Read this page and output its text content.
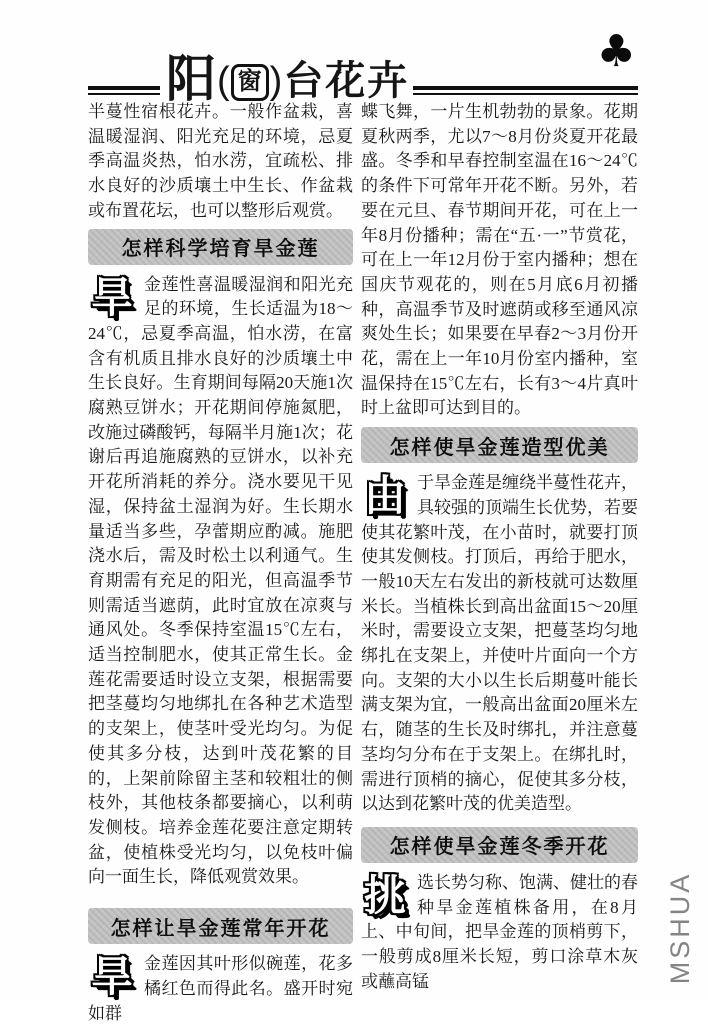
阳 ( 窗 ) 台花卉
♣

半蔓性宿根花卉。一般作盆栽，喜温暖湿润、阳光充足的环境，忌夏季高温炎热，怕水涝，宜疏松、排水良好的沙质壤土中生长、作盆栽或布置花坛，也可以整形后观赏。

怎样科学培育旱金莲
旱金莲性喜温暖湿润和阳光充足的环境，生长适温为18～24℃，忌夏季高温，怕水涝，在富含有机质且排水良好的沙质壤土中生长良好。生育期间每隔20天施1次腐熟豆饼水；开花期间停施氮肥，改施过磷酸钙，每隔半月施1次；花谢后再追施腐熟的豆饼水，以补充开花所消耗的养分。浇水要见干见湿，保持盆土湿润为好。生长期水量适当多些，孕蕾期应酌减。施肥浇水后，需及时松土以利通气。生育期需有充足的阳光，但高温季节则需适当遮荫，此时宜放在凉爽与通风处。冬季保持室温15℃左右，适当控制肥水，使其正常生长。金莲花需要适时设立支架，根据需要把茎蔓均匀地绑扎在各种艺术造型的支架上，使茎叶受光均匀。为促使其多分枝，达到叶茂花繁的目的，上架前除留主茎和较粗壮的侧枝外，其他枝条都要摘心，以利萌发侧枝。培养金莲花要注意定期转盆，使植株受光均匀，以免枝叶偏向一面生长，降低观赏效果。
怎样让旱金莲常年开花
旱金莲因其叶形似碗莲，花多橘红色而得此名。盛开时宛如群

蝶飞舞，一片生机勃勃的景象。花期夏秋两季，尤以7～8月份炎夏开花最盛。冬季和早春控制室温在16～24℃的条件下可常年开花不断。另外，若要在元旦、春节期间开花，可在上一年8月份播种；需在“五·一”节赏花，可在上一年12月份于室内播种；想在国庆节观花的，则在5月底6月初播种，高温季节及时遮荫或移至通风凉爽处生长；如果要在早春2～3月份开花，需在上一年10月份室内播种，室温保持在15℃左右，长有3～4片真叶时上盆即可达到目的。

怎样使旱金莲造型优美
由于旱金莲是缠绕半蔓性花卉，具较强的顶端生长优势，若要使其花繁叶茂，在小苗时，就要打顶使其发侧枝。打顶后，再给于肥水，一般10天左右发出的新枝就可达数厘米长。当植株长到高出盆面15～20厘米时，需要设立支架，把蔓茎均匀地绑扎在支架上，并使叶片面向一个方向。支架的大小以生长后期蔓叶能长满支架为宜，一般高出盆面20厘米左右，随茎的生长及时绑扎，并注意蔓茎均匀分布在于支架上。在绑扎时，需进行顶梢的摘心，促使其多分枝，以达到花繁叶茂的优美造型。
怎样使旱金莲冬季开花
挑选长势匀称、饱满、健壮的春种旱金莲植株备用，在8月上、中旬间，把旱金莲的顶梢剪下，一般剪成8厘米长短，剪口涂草木灰或蘸高锰	MSHUA
